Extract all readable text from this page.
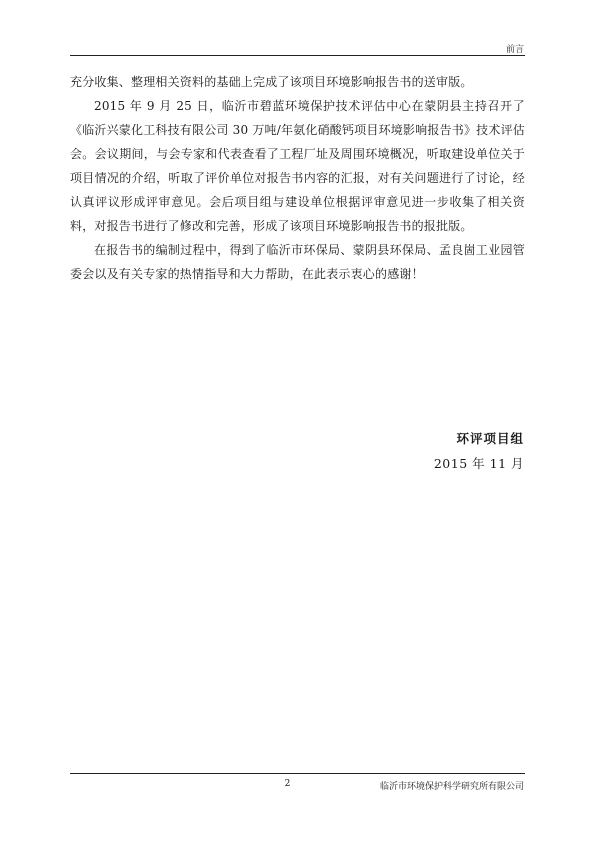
前言

充分收集、整理相关资料的基础上完成了该项目环境影响报告书的送审版。

2015 年 9 月 25 日，临沂市碧蓝环境保护技术评估中心在蒙阴县主持召开了《临沂兴蒙化工科技有限公司 30 万吨/年氨化硝酸钙项目环境影响报告书》技术评估会。会议期间，与会专家和代表查看了工程厂址及周围环境概况，听取建设单位关于项目情况的介绍，听取了评价单位对报告书内容的汇报，对有关问题进行了讨论，经认真评议形成评审意见。会后项目组与建设单位根据评审意见进一步收集了相关资料，对报告书进行了修改和完善，形成了该项目环境影响报告书的报批版。

在报告书的编制过程中，得到了临沂市环保局、蒙阴县环保局、孟良崮工业园管委会以及有关专家的热情指导和大力帮助，在此表示衷心的感谢！

环评项目组
2015 年 11 月
2	临沂市环境保护科学研究所有限公司
